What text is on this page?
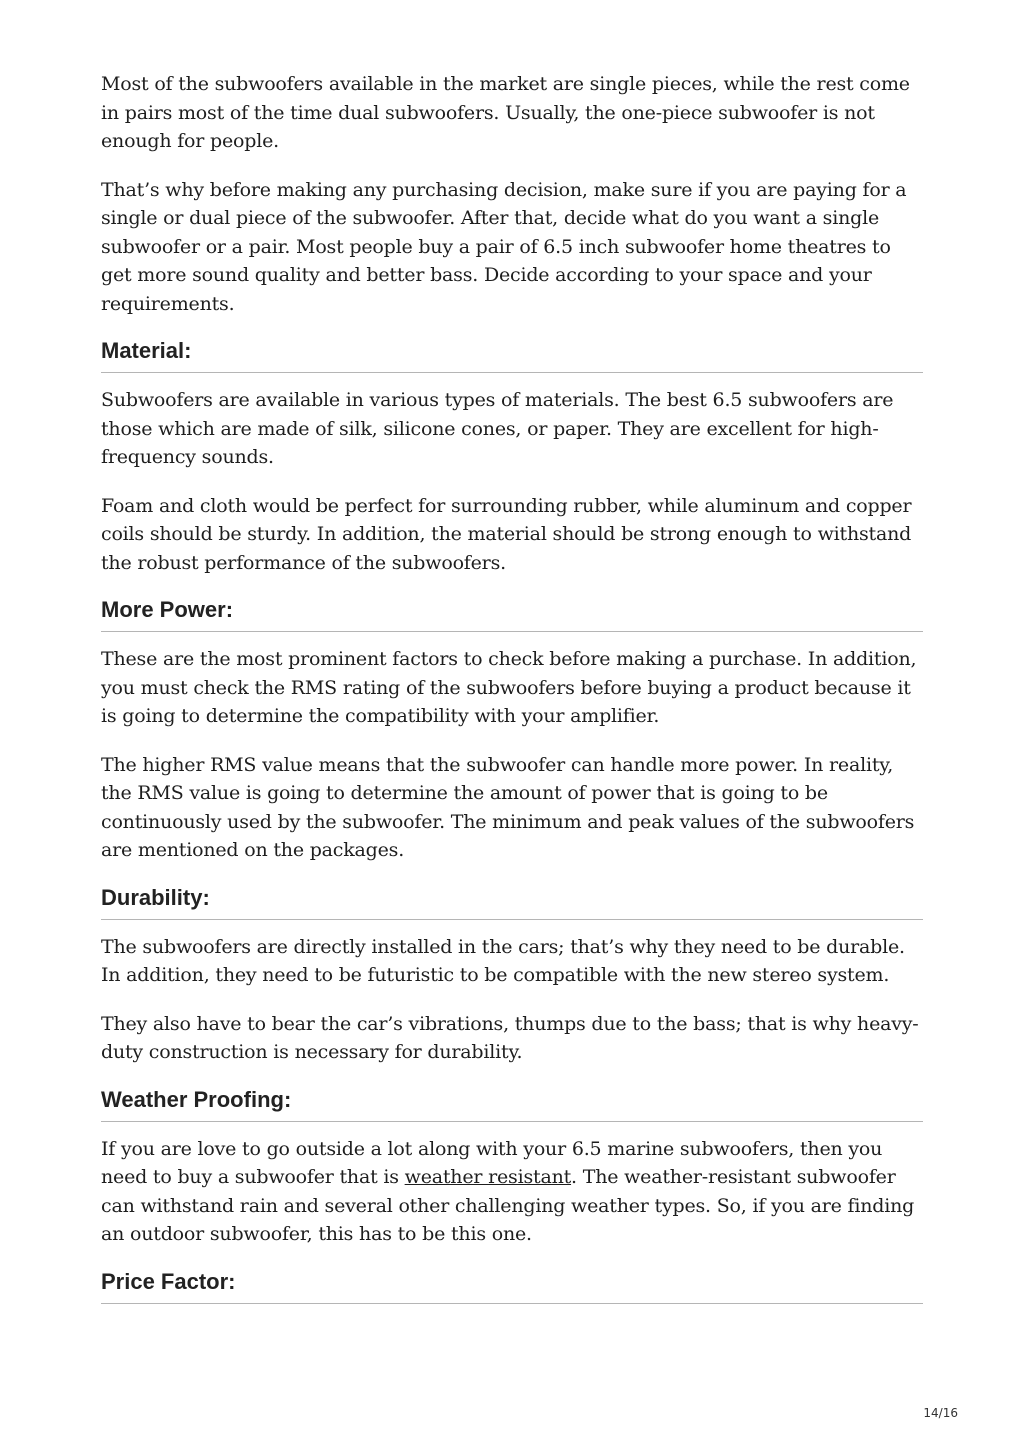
Most of the subwoofers available in the market are single pieces, while the rest come in pairs most of the time dual subwoofers. Usually, the one-piece subwoofer is not enough for people.

That’s why before making any purchasing decision, make sure if you are paying for a single or dual piece of the subwoofer. After that, decide what do you want a single subwoofer or a pair. Most people buy a pair of 6.5 inch subwoofer home theatres to get more sound quality and better bass. Decide according to your space and your requirements.

Material:

Subwoofers are available in various types of materials. The best 6.5 subwoofers are those which are made of silk, silicone cones, or paper. They are excellent for high-frequency sounds.

Foam and cloth would be perfect for surrounding rubber, while aluminum and copper coils should be sturdy. In addition, the material should be strong enough to withstand the robust performance of the subwoofers.

More Power:

These are the most prominent factors to check before making a purchase. In addition, you must check the RMS rating of the subwoofers before buying a product because it is going to determine the compatibility with your amplifier.

The higher RMS value means that the subwoofer can handle more power. In reality, the RMS value is going to determine the amount of power that is going to be continuously used by the subwoofer. The minimum and peak values of the subwoofers are mentioned on the packages.

Durability:

The subwoofers are directly installed in the cars; that’s why they need to be durable. In addition, they need to be futuristic to be compatible with the new stereo system.

They also have to bear the car’s vibrations, thumps due to the bass; that is why heavy-duty construction is necessary for durability.

Weather Proofing:

If you are love to go outside a lot along with your 6.5 marine subwoofers, then you need to buy a subwoofer that is weather resistant. The weather-resistant subwoofer can withstand rain and several other challenging weather types. So, if you are finding an outdoor subwoofer, this has to be this one.

Price Factor:
14/16
